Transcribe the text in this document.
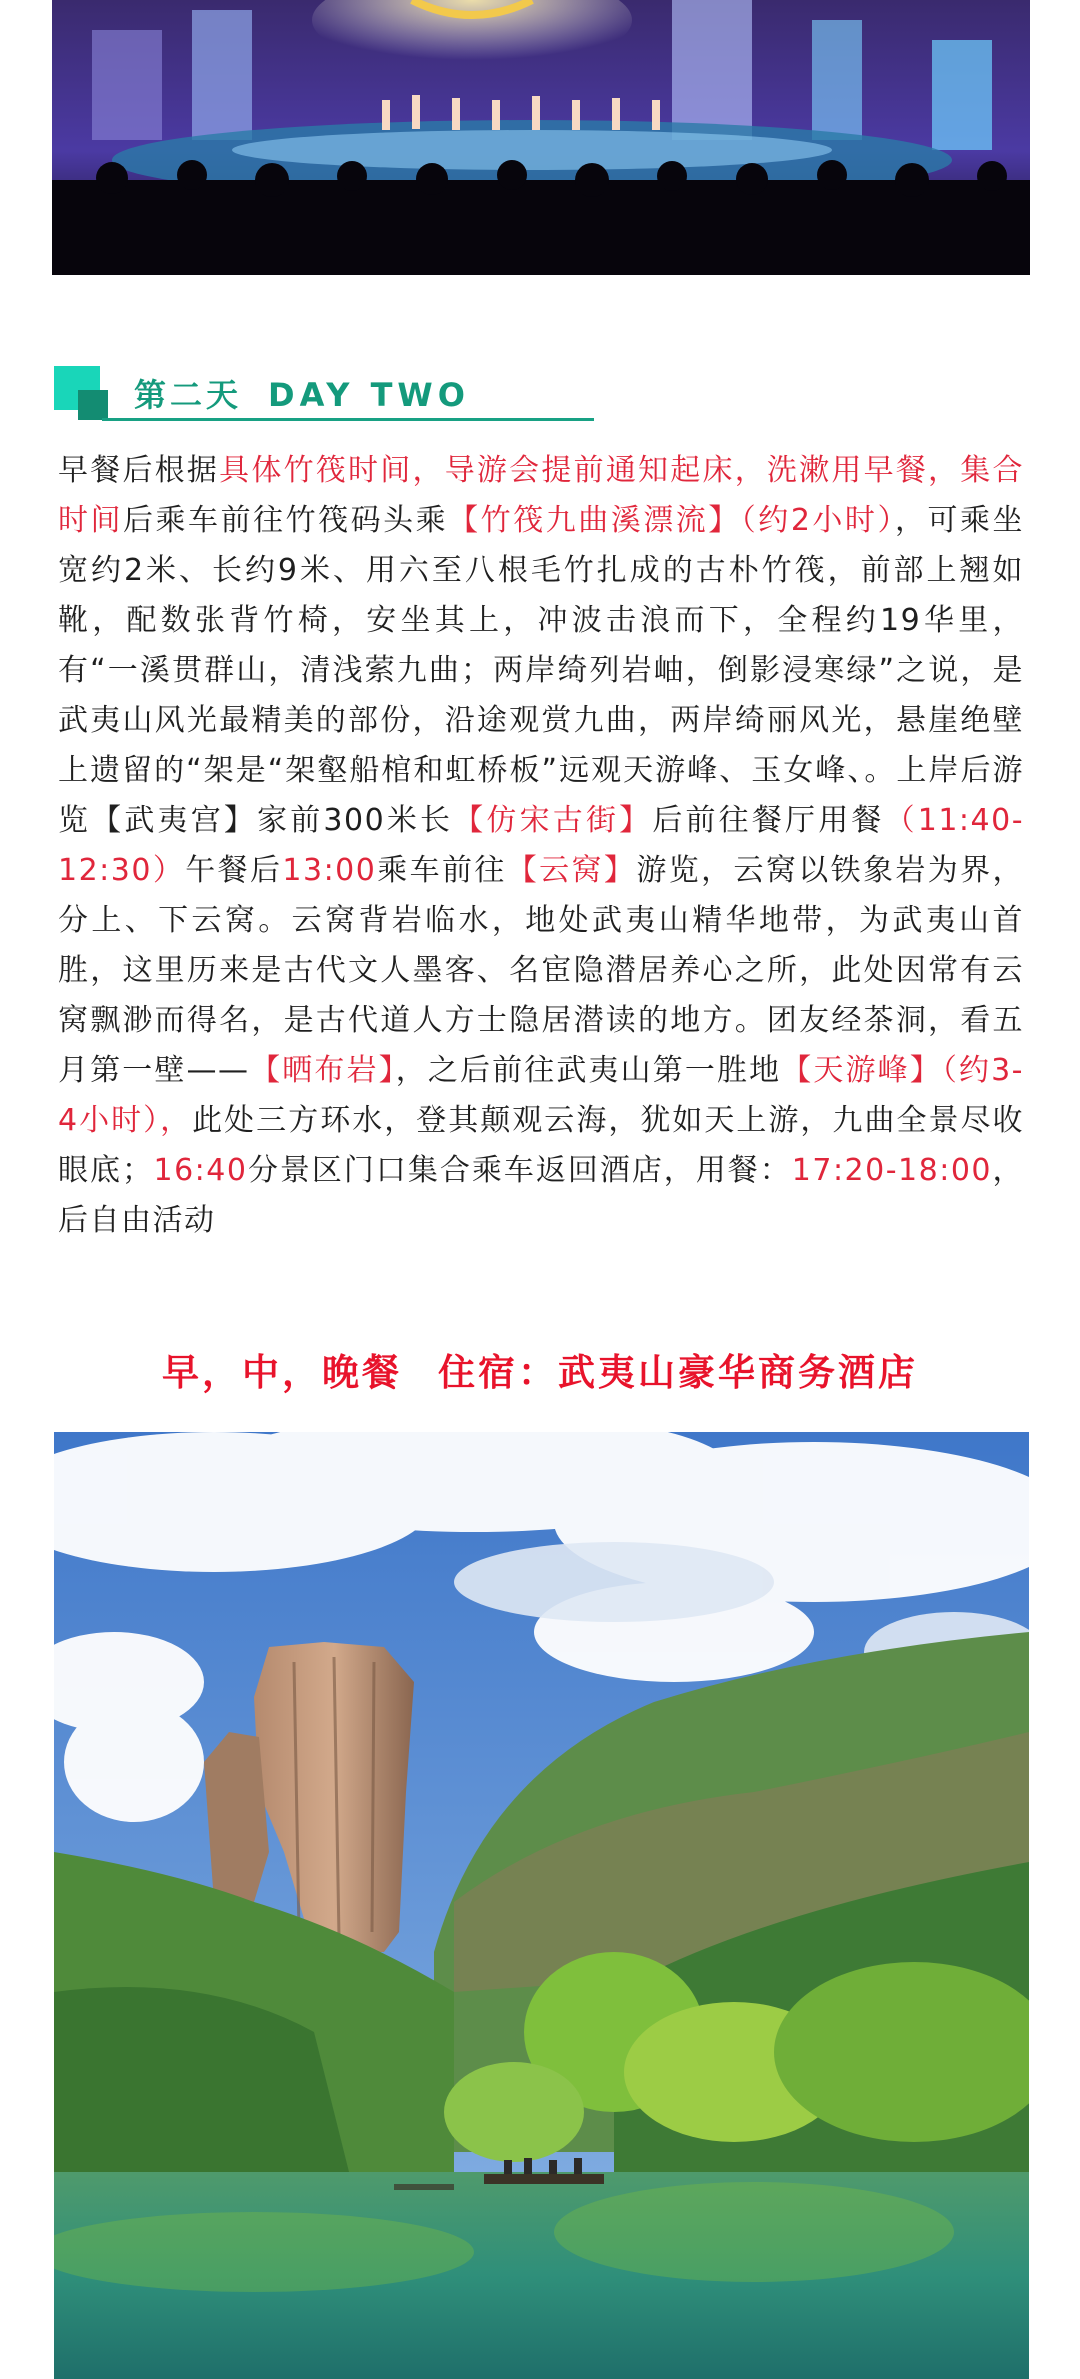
第二天 DAY TWO
早餐后根据具体竹筏时间，导游会提前通知起床，洗漱用早餐，集合时间后乘车前往竹筏码头乘【竹筏九曲溪漂流】（约2小时），可乘坐宽约2米、长约9米、用六至八根毛竹扎成的古朴竹筏，前部上翘如靴，配数张背竹椅，安坐其上，冲波击浪而下，全程约19华里，有“一溪贯群山，清浅萦九曲；两岸绮列岩岫，倒影浸寒绿”之说，是武夷山风光最精美的部份，沿途观赏九曲，两岸绮丽风光，悬崖绝壁上遗留的“架是“架壑船棺和虹桥板”远观天游峰、玉女峰、。上岸后游览【武夷宫】家前300米长【仿宋古街】后前往餐厅用餐（11:40-12:30）午餐后13:00乘车前往【云窝】游览，云窝以铁象岩为界，分上、下云窝。云窝背岩临水，地处武夷山精华地带，为武夷山首胜，这里历来是古代文人墨客、名宦隐潜居养心之所，此处因常有云窝飘渺而得名，是古代道人方士隐居潜读的地方。团友经茶洞，看五月第一壁——【晒布岩】，之后前往武夷山第一胜地【天游峰】（约3-4小时），此处三方环水，登其颠观云海，犹如天上游，九曲全景尽收眼底；16:40分景区门口集合乘车返回酒店，用餐：17:20-18:00，后自由活动
早，中，晚餐 住宿：武夷山豪华商务酒店
